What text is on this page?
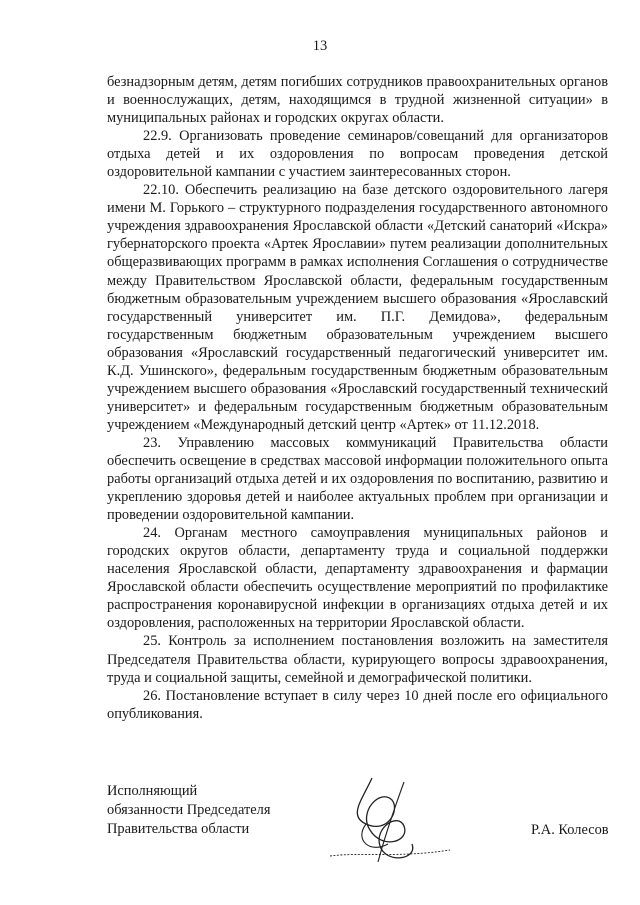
13

безнадзорным детям, детям погибших сотрудников правоохранительных органов и военнослужащих, детям, находящимся в трудной жизненной ситуации» в муниципальных районах и городских округах области.

22.9. Организовать проведение семинаров/совещаний для организаторов отдыха детей и их оздоровления по вопросам проведения детской оздоровительной кампании с участием заинтересованных сторон.

22.10. Обеспечить реализацию на базе детского оздоровительного лагеря имени М. Горького – структурного подразделения государственного автономного учреждения здравоохранения Ярославской области «Детский санаторий «Искра» губернаторского проекта «Артек Ярославии» путем реализации дополнительных общеразвивающих программ в рамках исполнения Соглашения о сотрудничестве между Правительством Ярославской области, федеральным государственным бюджетным образовательным учреждением высшего образования «Ярославский государственный университет им. П.Г. Демидова», федеральным государственным бюджетным образовательным учреждением высшего образования «Ярославский государственный педагогический университет им. К.Д. Ушинского», федеральным государственным бюджетным образовательным учреждением высшего образования «Ярославский государственный технический университет» и федеральным государственным бюджетным образовательным учреждением «Международный детский центр «Артек» от 11.12.2018.

23. Управлению массовых коммуникаций Правительства области обеспечить освещение в средствах массовой информации положительного опыта работы организаций отдыха детей и их оздоровления по воспитанию, развитию и укреплению здоровья детей и наиболее актуальных проблем при организации и проведении оздоровительной кампании.

24. Органам местного самоуправления муниципальных районов и городских округов области, департаменту труда и социальной поддержки населения Ярославской области, департаменту здравоохранения и фармации Ярославской области обеспечить осуществление мероприятий по профилактике распространения коронавирусной инфекции в организациях отдыха детей и их оздоровления, расположенных на территории Ярославской области.

25. Контроль за исполнением постановления возложить на заместителя Председателя Правительства области, курирующего вопросы здравоохранения, труда и социальной защиты, семейной и демографической политики.

26. Постановление вступает в силу через 10 дней после его официального опубликования.

Исполняющий
обязанности Председателя
Правительства области	Р.А. Колесов
